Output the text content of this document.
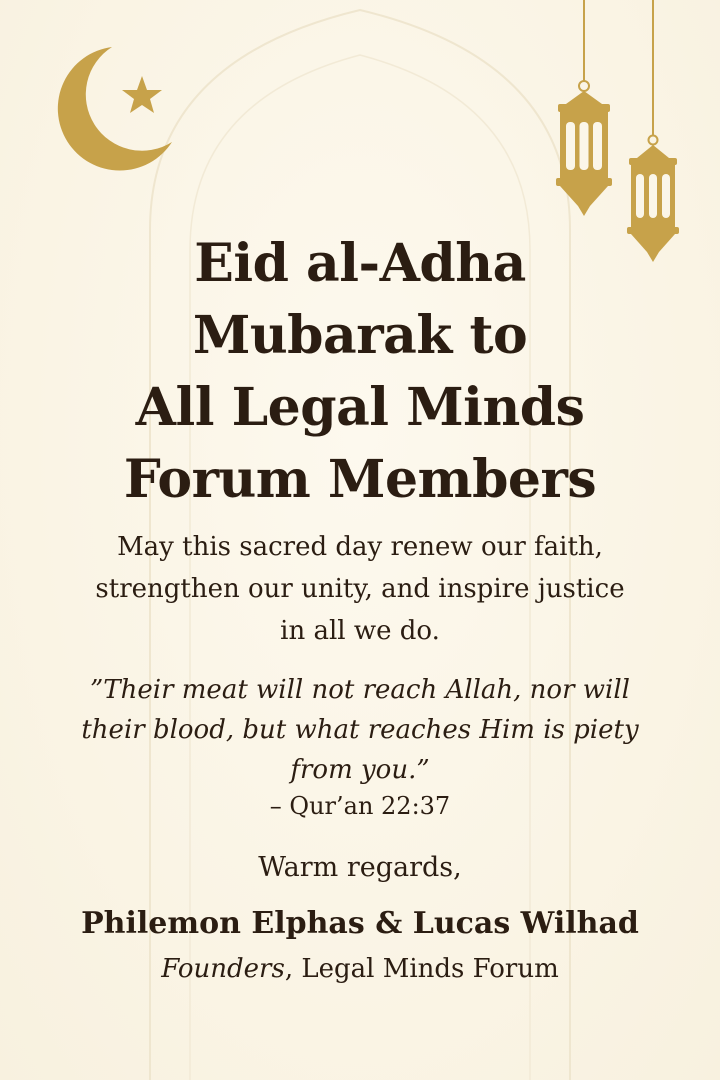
Eid al-Adha
Mubarak to
All Legal Minds
Forum Members
May this sacred day renew our faith,
strengthen our unity, and inspire justice
in all we do.
”Their meat will not reach Allah, nor will
their blood, but what reaches Him is piety
from you.”
– Qur’an 22:37
Warm regards,
Philemon Elphas & Lucas Wilhad
Founders, Legal Minds Forum
